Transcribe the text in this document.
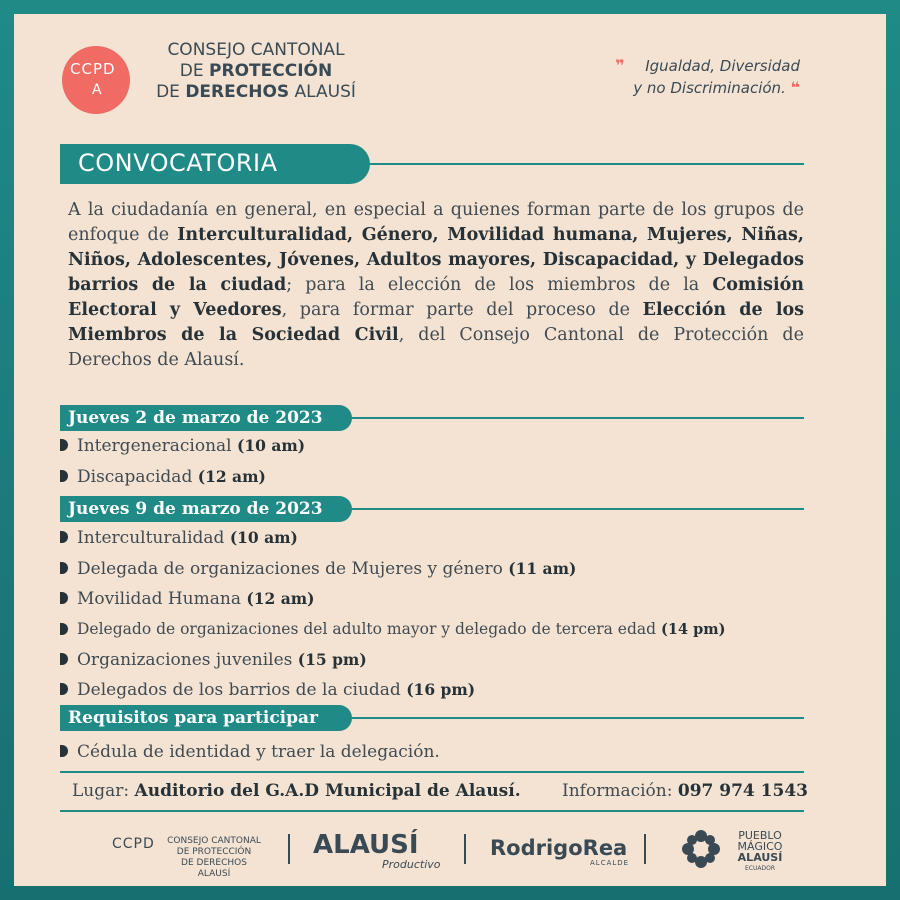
CCPD
A
CONSEJO CANTONAL
DE PROTECCIÓN
DE DERECHOS ALAUSÍ
❞ Igualdad, Diversidad
y no Discriminación. ❝
CONVOCATORIA
A la ciudadanía en general, en especial a quienes forman parte de los grupos de enfoque de Interculturalidad, Género, Movilidad humana, Mujeres, Niñas, Niños, Adolescentes, Jóvenes, Adultos mayores, Discapacidad, y Delegados barrios de la ciudad; para la elección de los miembros de la Comisión Electoral y Veedores, para formar parte del proceso de Elección de los Miembros de la Sociedad Civil, del Consejo Cantonal de Protección de Derechos de Alausí.
Jueves 2 de marzo de 2023
Intergeneracional (10 am)
Discapacidad (12 am)
Jueves 9 de marzo de 2023
Interculturalidad (10 am)
Delegada de organizaciones de Mujeres y género (11 am)
Movilidad Humana (12 am)
Delegado de organizaciones del adulto mayor y delegado de tercera edad (14 pm)
Organizaciones juveniles (15 pm)
Delegados de los barrios de la ciudad (16 pm)
Requisitos para participar
Cédula de identidad y traer la delegación.
Lugar: Auditorio del G.A.D Municipal de Alausí. Información: 097 974 1543
CCPD CONSEJO CANTONAL
DE PROTECCIÓN
DE DERECHOS ALAUSÍ
ALAUSÍ
Productivo
RodrigoRea
ALCALDE
PUEBLO
MÁGICO
ALAUSÍ
ECUADOR
